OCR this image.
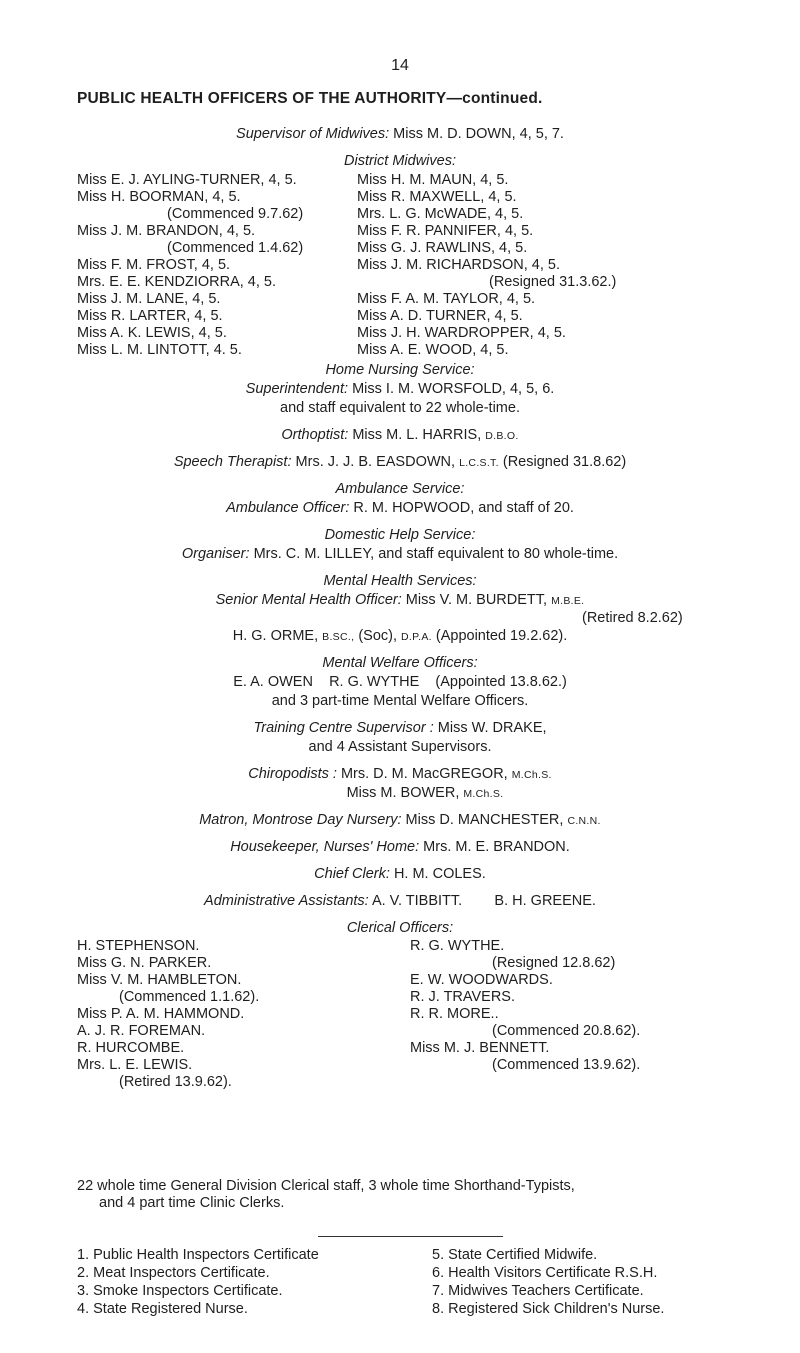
14
PUBLIC HEALTH OFFICERS OF THE AUTHORITY—continued.
Supervisor of Midwives: Miss M. D. DOWN, 4, 5, 7.
District Midwives:
Miss E. J. AYLING-TURNER, 4, 5.
Miss H. BOORMAN, 4, 5.
(Commenced 9.7.62)
Miss J. M. BRANDON, 4, 5.
(Commenced 1.4.62)
Miss F. M. FROST, 4, 5.
Mrs. E. E. KENDZIORRA, 4, 5.
Miss J. M. LANE, 4, 5.
Miss R. LARTER, 4, 5.
Miss A. K. LEWIS, 4, 5.
Miss L. M. LINTOTT, 4. 5.
Miss H. M. MAUN, 4, 5.
Miss R. MAXWELL, 4, 5.
Mrs. L. G. McWADE, 4, 5.
Miss F. R. PANNIFER, 4, 5.
Miss G. J. RAWLINS, 4, 5.
Miss J. M. RICHARDSON, 4, 5.
(Resigned 31.3.62.)
Miss F. A. M. TAYLOR, 4, 5.
Miss A. D. TURNER, 4, 5.
Miss J. H. WARDROPPER, 4, 5.
Miss A. E. WOOD, 4, 5.
Home Nursing Service:
Superintendent: Miss I. M. WORSFOLD, 4, 5, 6.
and staff equivalent to 22 whole-time.
Orthoptist: Miss M. L. HARRIS, D.B.O.
Speech Therapist: Mrs. J. J. B. EASDOWN, L.C.S.T. (Resigned 31.8.62)
Ambulance Service:
Ambulance Officer: R. M. HOPWOOD, and staff of 20.
Domestic Help Service:
Organiser: Mrs. C. M. LILLEY, and staff equivalent to 80 whole-time.
Mental Health Services:
Senior Mental Health Officer: Miss V. M. BURDETT, M.B.E.
(Retired 8.2.62)
H. G. ORME, B.SC., (Soc), D.P.A. (Appointed 19.2.62).
Mental Welfare Officers:
E. A. OWEN    R. G. WYTHE    (Appointed 13.8.62.)
and 3 part-time Mental Welfare Officers.
Training Centre Supervisor : Miss W. DRAKE,
and 4 Assistant Supervisors.
Chiropodists : Mrs. D. M. MacGREGOR, M.Ch.S.
Miss M. BOWER, M.Ch.S.
Matron, Montrose Day Nursery: Miss D. MANCHESTER, C.N.N.
Housekeeper, Nurses' Home: Mrs. M. E. BRANDON.
Chief Clerk: H. M. COLES.
Administrative Assistants: A. V. TIBBITT.        B. H. GREENE.
Clerical Officers:
H. STEPHENSON.
Miss G. N. PARKER.
Miss V. M. HAMBLETON.
(Commenced 1.1.62).
Miss P. A. M. HAMMOND.
A. J. R. FOREMAN.
R. HURCOMBE.
Mrs. L. E. LEWIS.
(Retired 13.9.62).
R. G. WYTHE.
(Resigned 12.8.62)
E. W. WOODWARDS.
R. J. TRAVERS.
R. R. MORE..
(Commenced 20.8.62).
Miss M. J. BENNETT.
(Commenced 13.9.62).
22 whole time General Division Clerical staff, 3 whole time Shorthand-Typists,
and 4 part time Clinic Clerks.
1. Public Health Inspectors Certificate
2. Meat Inspectors Certificate.
3. Smoke Inspectors Certificate.
4. State Registered Nurse.
5. State Certified Midwife.
6. Health Visitors Certificate R.S.H.
7. Midwives Teachers Certificate.
8. Registered Sick Children's Nurse.
